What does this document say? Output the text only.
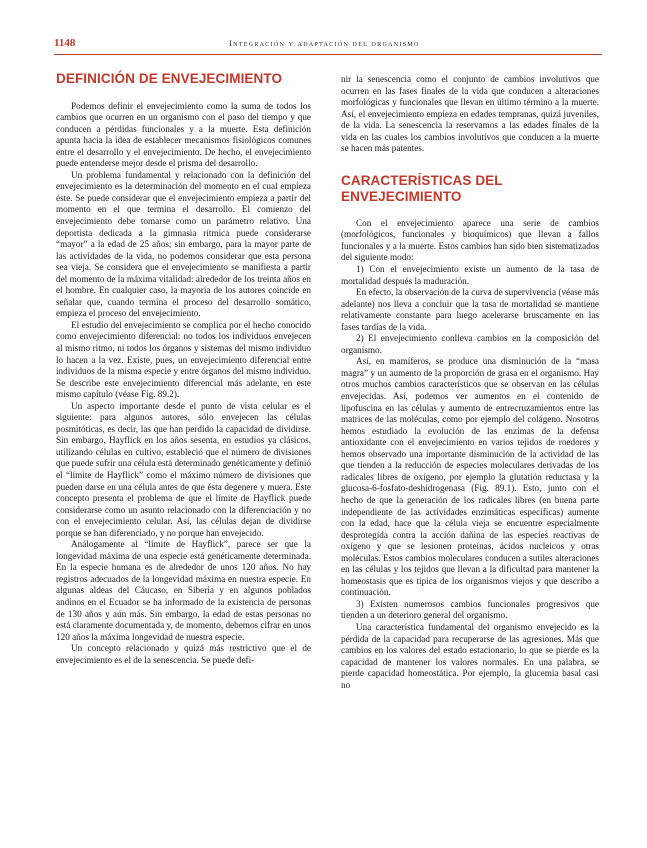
1148	Integración y adaptación del organismo
DEFINICIÓN DE ENVEJECIMIENTO

Podemos definir el envejecimiento como la suma de todos los cambios que ocurren en un organismo con el paso del tiempo y que conducen a pérdidas funcionales y a la muerte. Esta definición apunta hacia la idea de establecer mecanismos fisiológicos comunes entre el desarrollo y el envejecimiento. De hecho, el envejecimiento puede entenderse mejor desde el prisma del desarrollo.

Un problema fundamental y relacionado con la definición del envejecimiento es la determinación del momento en el cual empieza éste. Se puede considerar que el envejecimiento empieza a partir del momento en el que termina el desarrollo. El comienzo del envejecimiento debe tomarse como un parámetro relativo. Una deportista dedicada a la gimnasia rítmica puede considerarse “mayor” a la edad de 25 años; sin embargo, para la mayor parte de las actividades de la vida, no podemos considerar que esta persona sea vieja. Se considera que el envejecimiento se manifiesta a partir del momento de la máxima vitalidad: alrededor de los treinta años en el hombre. En cualquier caso, la mayoría de los autores coincide en señalar que, cuando termina el proceso del desarrollo somático, empieza el proceso del envejecimiento.

El estudio del envejecimiento se complica por el hecho conocido como envejecimiento diferencial: no todos los individuos envejecen al mismo ritmo, ni todos los órganos y sistemas del mismo individuo lo hacen a la vez. Existe, pues, un envejecimiento diferencial entre individuos de la misma especie y entre órganos del mismo individuo. Se describe este envejecimiento diferencial más adelante, en este mismo capítulo (véase Fig. 89.2).

Un aspecto importante desde el punto de vista celular es el siguiente: para algunos autores, sólo envejecen las células posmitóticas, es decir, las que han perdido la capacidad de dividirse. Sin embargo, Hayflick en los años sesenta, en estudios ya clásicos, utilizando células en cultivo, estableció que el número de divisiones que puede sufrir una célula está determinado genéticamente y definió el “límite de Hayflick” como el máximo número de divisiones que pueden darse en una célula antes de que ésta degenere y muera. Este concepto presenta el problema de que el límite de Hayflick puede considerarse como un asunto relacionado con la diferenciación y no con el envejecimiento celular. Así, las células dejan de dividirse porque se han diferenciado, y no porque han envejecido.

Análogamente al “límite de Hayflick”, parece ser que la longevidad máxima de una especie está genéticamente determinada. En la especie humana es de alrededor de unos 120 años. No hay registros adecuados de la longevidad máxima en nuestra especie. En algunas aldeas del Cáucaso, en Siberia y en algunos poblados andinos en el Ecuador se ha informado de la existencia de personas de 130 años y aún más. Sin embargo, la edad de estas personas no está claramente documentada y, de momento, debemos cifrar en unos 120 años la máxima longevidad de nuestra especie.

Un concepto relacionado y quizá más restrictivo que el de envejecimiento es el de la senescencia. Se puede defi-

nir la senescencia como el conjunto de cambios involutivos que ocurren en las fases finales de la vida que conducen a alteraciones morfológicas y funcionales que llevan en último término a la muerte. Así, el envejecimiento empieza en edades tempranas, quizá juveniles, de la vida. La senescencia la reservamos a las edades finales de la vida en las cuales los cambios involutivos que conducen a la muerte se hacen más patentes.

CARACTERÍSTICAS DEL ENVEJECIMIENTO

Con el envejecimiento aparece una serie de cambios (morfológicos, funcionales y bioquímicos) que llevan a fallos funcionales y a la muerte. Estos cambios han sido bien sistematizados del siguiente modo:

1) Con el envejecimiento existe un aumento de la tasa de mortalidad después la maduración.

En efecto, la observación de la curva de supervivencia (véase más adelante) nos lleva a concluir que la tasa de mortalidad se mantiene relativamente constante para luego acelerarse bruscamente en las fases tardías de la vida.

2) El envejecimiento conlleva cambios en la composición del organismo.

Así, en mamíferos, se produce una disminución de la “masa magra” y un aumento de la proporción de grasa en el organismo. Hay otros muchos cambios característicos que se observan en las células envejecidas. Así, podemos ver aumentos en el contenido de lipofuscina en las células y aumento de entrecruzamientos entre las matrices de las moléculas, como por ejemplo del colágeno. Nosotros hemos estudiado la evolución de las enzimas de la defensa antioxidante con el envejecimiento en varios tejidos de roedores y hemos observado una importante disminución de la actividad de las que tienden a la reducción de especies moleculares derivadas de los radicales libres de oxígeno, por ejemplo la glutatión reductasa y la glucosa-6-fosfato-deshidrogenasa (Fig. 89.1). Esto, junto con el hecho de que la generación de los radicales libres (en buena parte independiente de las actividades enzimáticas específicas) aumente con la edad, hace que la célula vieja se encuentre especialmente desprotegida contra la acción dañina de las especies reactivas de oxígeno y que se lesionen proteínas, ácidos nucleicos y otras moléculas. Estos cambios moleculares conducen a sutiles alteraciones en las células y los tejidos que llevan a la dificultad para mantener la homeostasis que es típica de los organismos viejos y que describo a continuación.

3) Existen numerosos cambios funcionales progresivos que tienden a un deterioro general del organismo.

Una característica fundamental del organismo envejecido es la pérdida de la capacidad para recuperarse de las agresiones. Más que cambios en los valores del estado estacionario, lo que se pierde es la capacidad de mantener los valores normales. En una palabra, se pierde capacidad homeostática. Por ejemplo, la glucemia basal casi no
